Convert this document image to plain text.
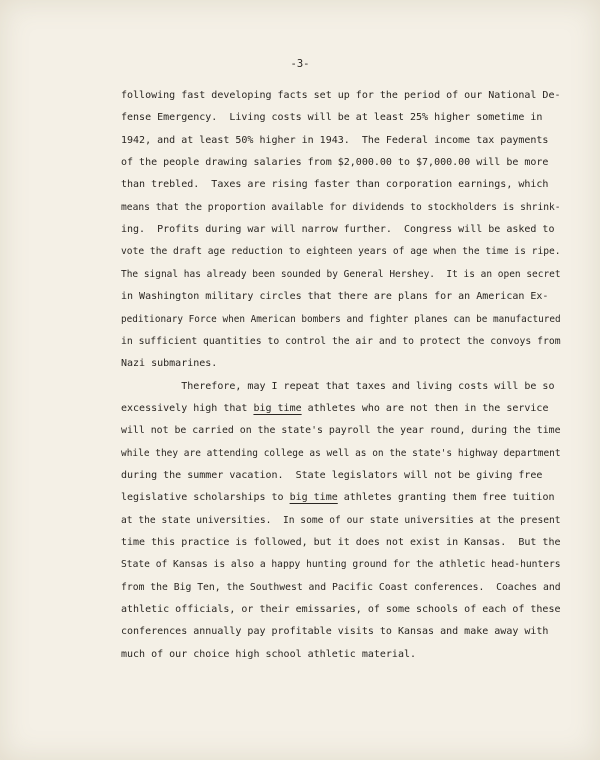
-3-
following fast developing facts set up for the period of our National De-
fense Emergency.  Living costs will be at least 25% higher sometime in
1942, and at least 50% higher in 1943.  The Federal income tax payments
of the people drawing salaries from $2,000.00 to $7,000.00 will be more
than trebled.  Taxes are rising faster than corporation earnings, which
means that the proportion available for dividends to stockholders is shrink-
ing.  Profits during war will narrow further.  Congress will be asked to
vote the draft age reduction to eighteen years of age when the time is ripe.
The signal has already been sounded by General Hershey.  It is an open secret
in Washington military circles that there are plans for an American Ex-
peditionary Force when American bombers and fighter planes can be manufactured
in sufficient quantities to control the air and to protect the convoys from
Nazi submarines.
Therefore, may I repeat that taxes and living costs will be so
excessively high that big time athletes who are not then in the service
will not be carried on the state's payroll the year round, during the time
while they are attending college as well as on the state's highway department
during the summer vacation.  State legislators will not be giving free
legislative scholarships to big time athletes granting them free tuition
at the state universities.  In some of our state universities at the present
time this practice is followed, but it does not exist in Kansas.  But the
State of Kansas is also a happy hunting ground for the athletic head-hunters
from the Big Ten, the Southwest and Pacific Coast conferences.  Coaches and
athletic officials, or their emissaries, of some schools of each of these
conferences annually pay profitable visits to Kansas and make away with
much of our choice high school athletic material.
